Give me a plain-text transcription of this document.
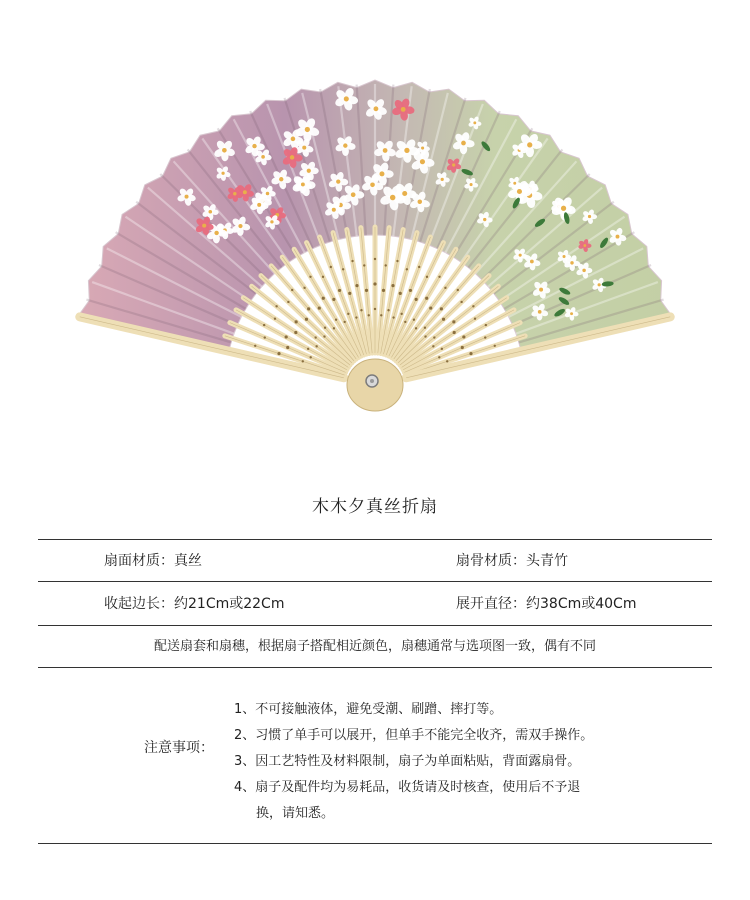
木木夕真丝折扇
扇面材质：真丝	扇骨材质：头青竹
收起边长：约21Cm或22Cm	展开直径：约38Cm或40Cm
配送扇套和扇穗，根据扇子搭配相近颜色，扇穗通常与选项图一致，偶有不同
注意事项：
1、不可接触液体，避免受潮、刷蹭、摔打等。
2、习惯了单手可以展开，但单手不能完全收齐，需双手操作。
3、因工艺特性及材料限制，扇子为单面粘贴，背面露扇骨。
4、扇子及配件均为易耗品，收货请及时核查，使用后不予退
换，请知悉。
